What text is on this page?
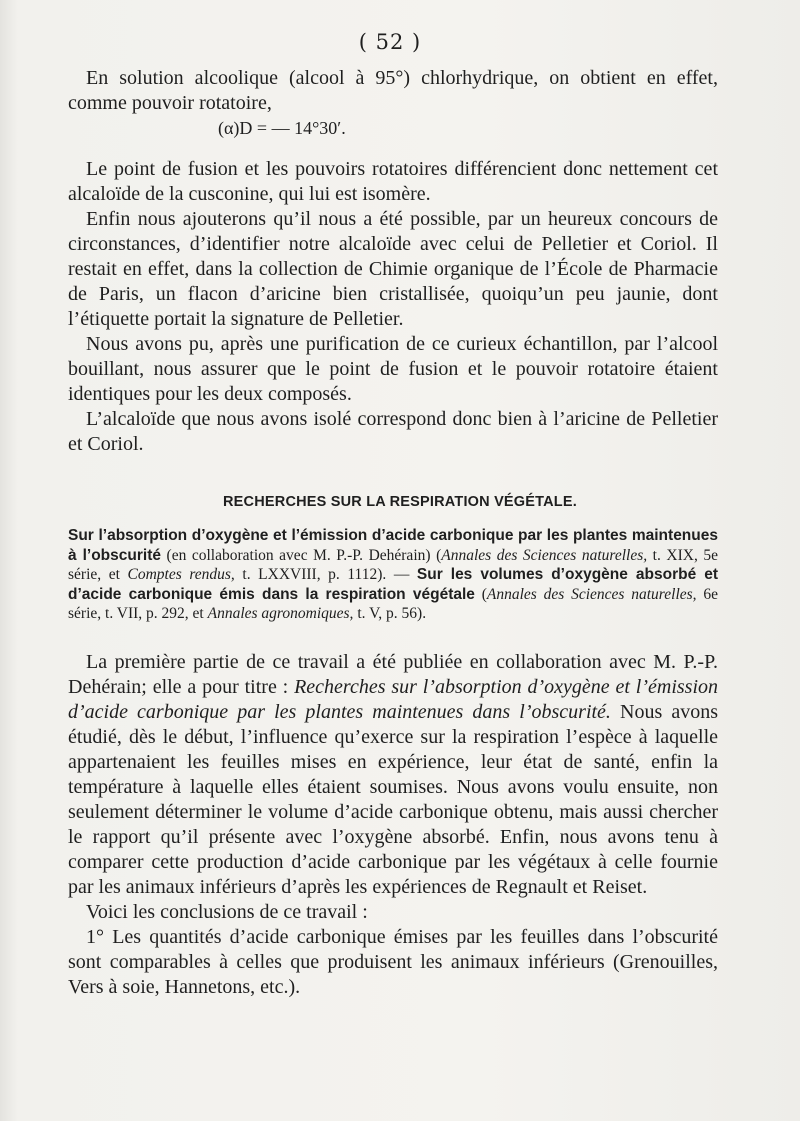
( 52 )

En solution alcoolique (alcool à 95°) chlorhydrique, on obtient en effet, comme pouvoir rotatoire,

(α)D = — 14°30′.

Le point de fusion et les pouvoirs rotatoires différencient donc nettement cet alcaloïde de la cusconine, qui lui est isomère.

Enfin nous ajouterons qu’il nous a été possible, par un heureux concours de circonstances, d’identifier notre alcaloïde avec celui de Pelletier et Coriol. Il restait en effet, dans la collection de Chimie organique de l’École de Pharmacie de Paris, un flacon d’aricine bien cristallisée, quoiqu’un peu jaunie, dont l’étiquette portait la signature de Pelletier.

Nous avons pu, après une purification de ce curieux échantillon, par l’alcool bouillant, nous assurer que le point de fusion et le pouvoir rotatoire étaient identiques pour les deux composés.

L’alcaloïde que nous avons isolé correspond donc bien à l’aricine de Pelletier et Coriol.

RECHERCHES SUR LA RESPIRATION VÉGÉTALE.

Sur l’absorption d’oxygène et l’émission d’acide carbonique par les plantes maintenues à l’obscurité (en collaboration avec M. P.-P. Dehérain) (Annales des Sciences naturelles, t. XIX, 5e série, et Comptes rendus, t. LXXVIII, p. 1112). — Sur les volumes d’oxygène absorbé et d’acide carbonique émis dans la respiration végétale (Annales des Sciences naturelles, 6e série, t. VII, p. 292, et Annales agronomiques, t. V, p. 56).

La première partie de ce travail a été publiée en collaboration avec M. P.-P. Dehérain; elle a pour titre : Recherches sur l’absorption d’oxygène et l’émission d’acide carbonique par les plantes maintenues dans l’obscurité. Nous avons étudié, dès le début, l’influence qu’exerce sur la respiration l’espèce à laquelle appartenaient les feuilles mises en expérience, leur état de santé, enfin la température à laquelle elles étaient soumises. Nous avons voulu ensuite, non seulement déterminer le volume d’acide carbonique obtenu, mais aussi chercher le rapport qu’il présente avec l’oxygène absorbé. Enfin, nous avons tenu à comparer cette production d’acide carbonique par les végétaux à celle fournie par les animaux inférieurs d’après les expériences de Regnault et Reiset.

Voici les conclusions de ce travail :

1° Les quantités d’acide carbonique émises par les feuilles dans l’obscurité sont comparables à celles que produisent les animaux inférieurs (Grenouilles, Vers à soie, Hannetons, etc.).
